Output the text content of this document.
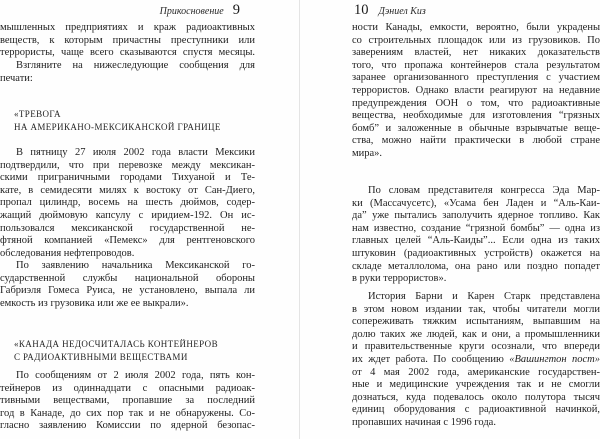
Прикосновение 9
мышленных предприятиях и краж радиоактивных
веществ, к которым причастны преступники или
террористы, чаще всего сказываются спустя месяцы.
Взгляните на нижеследующие сообщения для
печати:
«ТРЕВОГА
НА АМЕРИКАНО-МЕКСИКАНСКОЙ ГРАНИЦЕ
В пятницу 27 июля 2002 года власти Мексики
подтвердили, что при перевозке между мексикан-
скими приграничными городами Тихуаной и Те-
кате, в семидесяти милях к востоку от Сан-Диего,
пропал цилиндр, восемь на шесть дюймов, содер-
жащий дюймовую капсулу с иридием-192. Он ис-
пользовался мексиканской государственной не-
фтяной компанией «Пемекс» для рентгеновского
обследования нефтепроводов.
По заявлению начальника Мексиканской го-
сударственной службы национальной обороны
Габриэля Гомеса Руиса, не установлено, выпала ли
емкость из грузовика или же ее выкрали».
«КАНАДА НЕДОСЧИТАЛАСЬ КОНТЕЙНЕРОВ
С РАДИОАКТИВНЫМИ ВЕЩЕСТВАМИ
По сообщениям от 2 июля 2002 года, пять кон-
тейнеров из одиннадцати с опасными радиоак-
тивными веществами, пропавшие за последний
год в Канаде, до сих пор так и не обнаружены. Со-
гласно заявлению Комиссии по ядерной безопас-
10 Дэниел Киз
ности Канады, емкости, вероятно, были украдены
со строительных площадок или из грузовиков. По
заверениям властей, нет никаких доказательств
того, что пропажа контейнеров стала результатом
заранее организованного преступления с участием
террористов. Однако власти реагируют на недавние
предупреждения ООН о том, что радиоактивные
вещества, необходимые для изготовления “грязных
бомб” и заложенные в обычные взрывчатые веще-
ства, можно найти практически в любой стране
мира».
По словам представителя конгресса Эда Мар-
ки (Массачусетс), «Усама бен Ладен и “Аль-Каи-
да” уже пытались заполучить ядерное топливо. Как
нам известно, создание “грязной бомбы” — одна из
главных целей “Аль-Каиды”... Если одна из таких
штуковин (радиоактивных устройств) окажется на
складе металлолома, она рано или поздно попадет
в руки террористов».
История Барни и Карен Старк представлена
в этом новом издании так, чтобы читатели могли
сопереживать тяжким испытаниям, выпавшим на
долю таких же людей, как и они, а промышленники
и правительственные круги осознали, что впереди
их ждет работа. По сообщению «Вашингтон пост»
от 4 мая 2002 года, американские государствен-
ные и медицинские учреждения так и не смогли
дознаться, куда подевалось около полутора тысяч
единиц оборудования с радиоактивной начинкой,
пропавших начиная с 1996 года.
